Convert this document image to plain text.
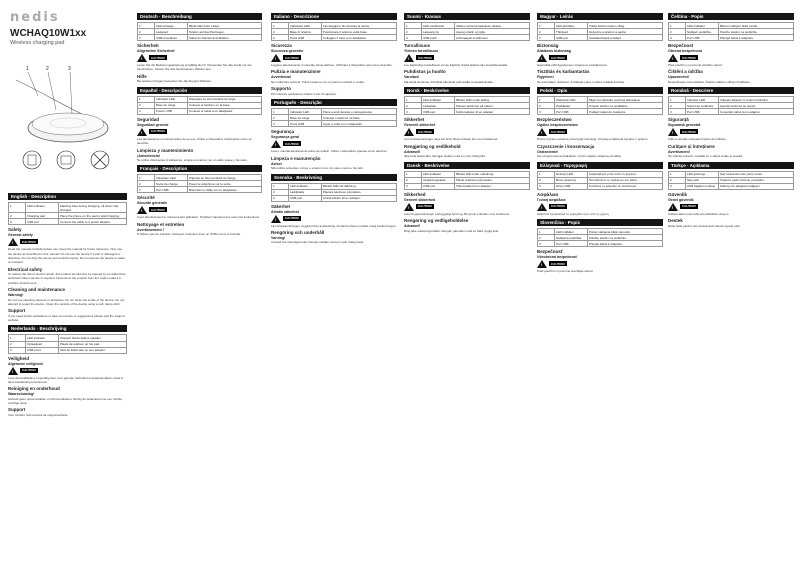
nedis
WCHAQ10W1xx
Wireless charging pad
1	2	3
English · Description
1	LED indicator	Flashing blue during charging; off when fully charged.
2	Charging pad	Place the phone on the pad to start charging.
3	USB port	Connect the cable to a power adapter.
Safety
General safety
!
CAUTION

Read the manual carefully before use. Keep the manual for future reference. Only use the device as described in this manual. Do not use the device if a part is damaged or defective. Do not drop the device and avoid bumping. Do not expose the device to water or moisture.

Electrical safety

To reduce the risk of electric shock, this product should only be opened by an authorized technician when service is required. Disconnect the product from the mains outlet if a problem should occur.

Cleaning and maintenance
Warning!

Do not use cleaning solvents or abrasives. Do not clean the inside of the device. Do not attempt to repair the device. Clean the outside of the device using a soft, damp cloth.

Support

If you need further assistance or have comments or suggestions please visit the support website.

Nederlands · Beschrijving
1	LED-indicator	Knippert blauw tijdens opladen.
2	Oplaadpad	Plaats de telefoon op het pad.
3	USB-poort	Sluit de kabel aan op een adapter.
Veiligheid
Algemene veiligheid
!
CAUTION

Lees de handleiding zorgvuldig door voor gebruik. Gebruik het apparaat alleen zoals in deze handleiding beschreven.

Reiniging en onderhoud
Waarschuwing!

Gebruik geen oplosmiddelen of schuurmiddelen. Reinig de buitenkant met een zachte, vochtige doek.

Support

Voor verdere hulp bezoek de supportwebsite.

Deutsch · Beschreibung
1	LED-Anzeige	Blinkt blau beim Laden.
2	Ladepad	Telefon auf das Pad legen.
3	USB-Anschluss	Kabel an Netzteil anschließen.
Sicherheit
Allgemeine Sicherheit
!
CAUTION

Lesen Sie die Bedienungsanleitung sorgfältig durch. Verwenden Sie das Gerät nur wie beschrieben. Setzen Sie das Gerät keinem Wasser aus.

Hilfe

Bei weiteren Fragen besuchen Sie die Support-Website.

Español · Descripción
1	Indicador LED	Parpadea en azul durante la carga.
2	Base de carga	Coloque el teléfono en la base.
3	Puerto USB	Conecte el cable a un adaptador.
Seguridad
Seguridad general
!
CAUTION

Lea atentamente el manual antes de su uso. Utilice el dispositivo únicamente como se describe.

Limpieza y mantenimiento
¡Advertencia!

No utilice disolventes ni abrasivos. Limpie el exterior con un paño suave y húmedo.

Français · Description
1	Indicateur LED	Clignote en bleu pendant la charge.
2	Socle de charge	Posez le téléphone sur le socle.
3	Port USB	Branchez le câble sur un adaptateur.
Sécurité
Sécurité générale
!
CAUTION

Lisez attentivement le manuel avant utilisation. N'utilisez l'appareil que selon les instructions.

Nettoyage et entretien
Avertissement !

N'utilisez pas de solvants. Nettoyez l'extérieur avec un chiffon doux et humide.

Italiano · Descrizione
1	Indicatore LED	Lampeggia in blu durante la carica.
2	Base di ricarica	Posizionare il telefono sulla base.
3	Porta USB	Collegare il cavo a un adattatore.
Sicurezza
Sicurezza generale
!
CAUTION

Leggere attentamente il manuale prima dell'uso. Utilizzare il dispositivo solo come descritto.

Pulizia e manutenzione
Avvertenza!

Non utilizzare solventi. Pulire l'esterno con un panno morbido e umido.

Supporto

Per ulteriore assistenza visitare il sito di supporto.

Português · Descrição
1	Indicador LED	Pisca a azul durante o carregamento.
2	Base de carga	Coloque o telefone na base.
3	Porta USB	Ligue o cabo a um adaptador.
Segurança
Segurança geral
!
CAUTION

Leia o manual atentamente antes de utilizar. Utilize o dispositivo apenas como descrito.

Limpeza e manutenção
Aviso!

Não utilize solventes. Limpe o exterior com um pano macio e húmido.

Svenska · Beskrivning
1	LED-indikator	Blinkar blått vid laddning.
2	Laddplatta	Placera telefonen på plattan.
3	USB-port	Anslut kabeln till en adapter.
Säkerhet
Allmän säkerhet
!
CAUTION

Läs bruksanvisningen noggrant före användning. Använd enheten endast enligt beskrivningen.

Rengöring och underhåll
Varning!

Använd inte lösningsmedel. Rengör utsidan med en mjuk, fuktig trasa.

Suomi · Kuvaus
1	LED-merkkivalo	Vilkkuu sinisenä latauksen aikana.
2	Lataustyyny	Aseta puhelin tyynylle.
3	USB-portti	Liitä kaapeli sovittimeen.
Turvallisuus
Yleinen turvallisuus
!
CAUTION

Lue käyttöohje huolellisesti ennen käyttöä. Käytä laitetta vain kuvatulla tavalla.

Puhdistus ja huolto
Varoitus!

Älä käytä liuottimia. Puhdista ulkopinta pehmeällä, kostealla liinalla.

Norsk · Beskrivelse
1	LED-indikator	Blinker blått under lading.
2	Ladeplate	Plasser telefonen på platen.
3	USB-port	Koble kabelen til en adapter.
Sikkerhet
Generell sikkerhet
!
CAUTION

Les bruksanvisningen nøye før bruk. Bruk enheten kun som beskrevet.

Rengjøring og vedlikehold
Advarsel!

Ikke bruk løsemidler. Rengjør utsiden med en myk, fuktig klut.

Dansk · Beskrivelse
1	LED-indikator	Blinker blåt under opladning.
2	Opladningsplade	Placér telefonen på pladen.
3	USB-port	Tilslut kablet til en adapter.
Sikkerhed
Generel sikkerhed
!
CAUTION

Læs brugsanvisningen omhyggeligt før brug. Brug kun enheden som beskrevet.

Rengøring og vedligeholdelse
Advarsel!

Brug ikke opløsningsmidler. Rengør ydersiden med en blød, fugtig klud.

Magyar · Leírás
1	LED-jelzőfény	Töltés közben kéken villog.
2	Töltőpad	Helyezze a telefont a padra.
3	USB-port	Csatlakoztassa a kábelt.
Biztonság
Általános biztonság
!
CAUTION

Használat előtt figyelmesen olvassa el a kézikönyvet.

Tisztítás és karbantartás
Figyelem!

Ne használjon oldószert. A külsejét puha, nedves ruhával tisztítsa.

Polski · Opis
1	Wskaźnik LED	Miga na niebiesko podczas ładowania.
2	Podkładka	Umieść telefon na podkładce.
3	Port USB	Podłącz kabel do zasilacza.
Bezpieczeństwo
Ogólne bezpieczeństwo
!
CAUTION

Przed użyciem uważnie przeczytaj instrukcję. Używaj urządzenia zgodnie z opisem.

Czyszczenie i konserwacja
Ostrzeżenie!

Nie używaj rozpuszczalników. Czyść miękką, wilgotną szmatką.

Ελληνικά · Περιγραφή
1	Ένδειξη LED	Αναβοσβήνει μπλε κατά τη φόρτιση.
2	Βάση φόρτισης	Τοποθετήστε το τηλέφωνο στη βάση.
3	Θύρα USB	Συνδέστε το καλώδιο σε αντάπτορα.
Ασφάλεια
Γενική ασφάλεια
!
CAUTION

Διαβάστε προσεκτικά το εγχειρίδιο πριν από τη χρήση.

Slovenčina · Popis
1	LED indikátor	Počas nabíjania bliká namodro.
2	Nabíjacia podložka	Položte telefón na podložku.
3	Port USB	Pripojte kábel k adaptéru.
Bezpečnosť
Všeobecná bezpečnosť
!
CAUTION

Pred použitím si pozorne prečítajte návod.

Čeština · Popis
1	LED indikátor	Během nabíjení bliká modře.
2	Nabíjecí podložka	Položte telefon na podložku.
3	Port USB	Připojte kabel k adaptéru.
Bezpečnost
Obecná bezpečnost
!
CAUTION

Před použitím si pozorně přečtěte návod.

Čištění a údržba
Upozornění!

Nepoužívejte rozpouštědla. Čistěte měkkým vlhkým hadříkem.

Română · Descriere
1	Indicator LED	Clipește albastru în timpul încărcării.
2	Suport de încărcare	Așezați telefonul pe suport.
3	Port USB	Conectați cablul la un adaptor.
Siguranță
Siguranță generală
!
CAUTION

Citiți cu atenție manualul înainte de utilizare.

Curățare și întreținere
Avertisment!

Nu utilizați solvenți. Curățați cu o cârpă moale și umedă.

Türkçe · Açıklama
1	LED gösterge	Şarj sırasında mavi yanıp söner.
2	Şarj pedi	Telefonu pedin üzerine yerleştirin.
3	USB bağlantı noktası	Kabloyu bir adaptöre bağlayın.
Güvenlik
Genel güvenlik
!
CAUTION

Kullanmadan önce kılavuzu dikkatlice okuyun.

Destek

Daha fazla yardım için destek web sitesini ziyaret edin.
